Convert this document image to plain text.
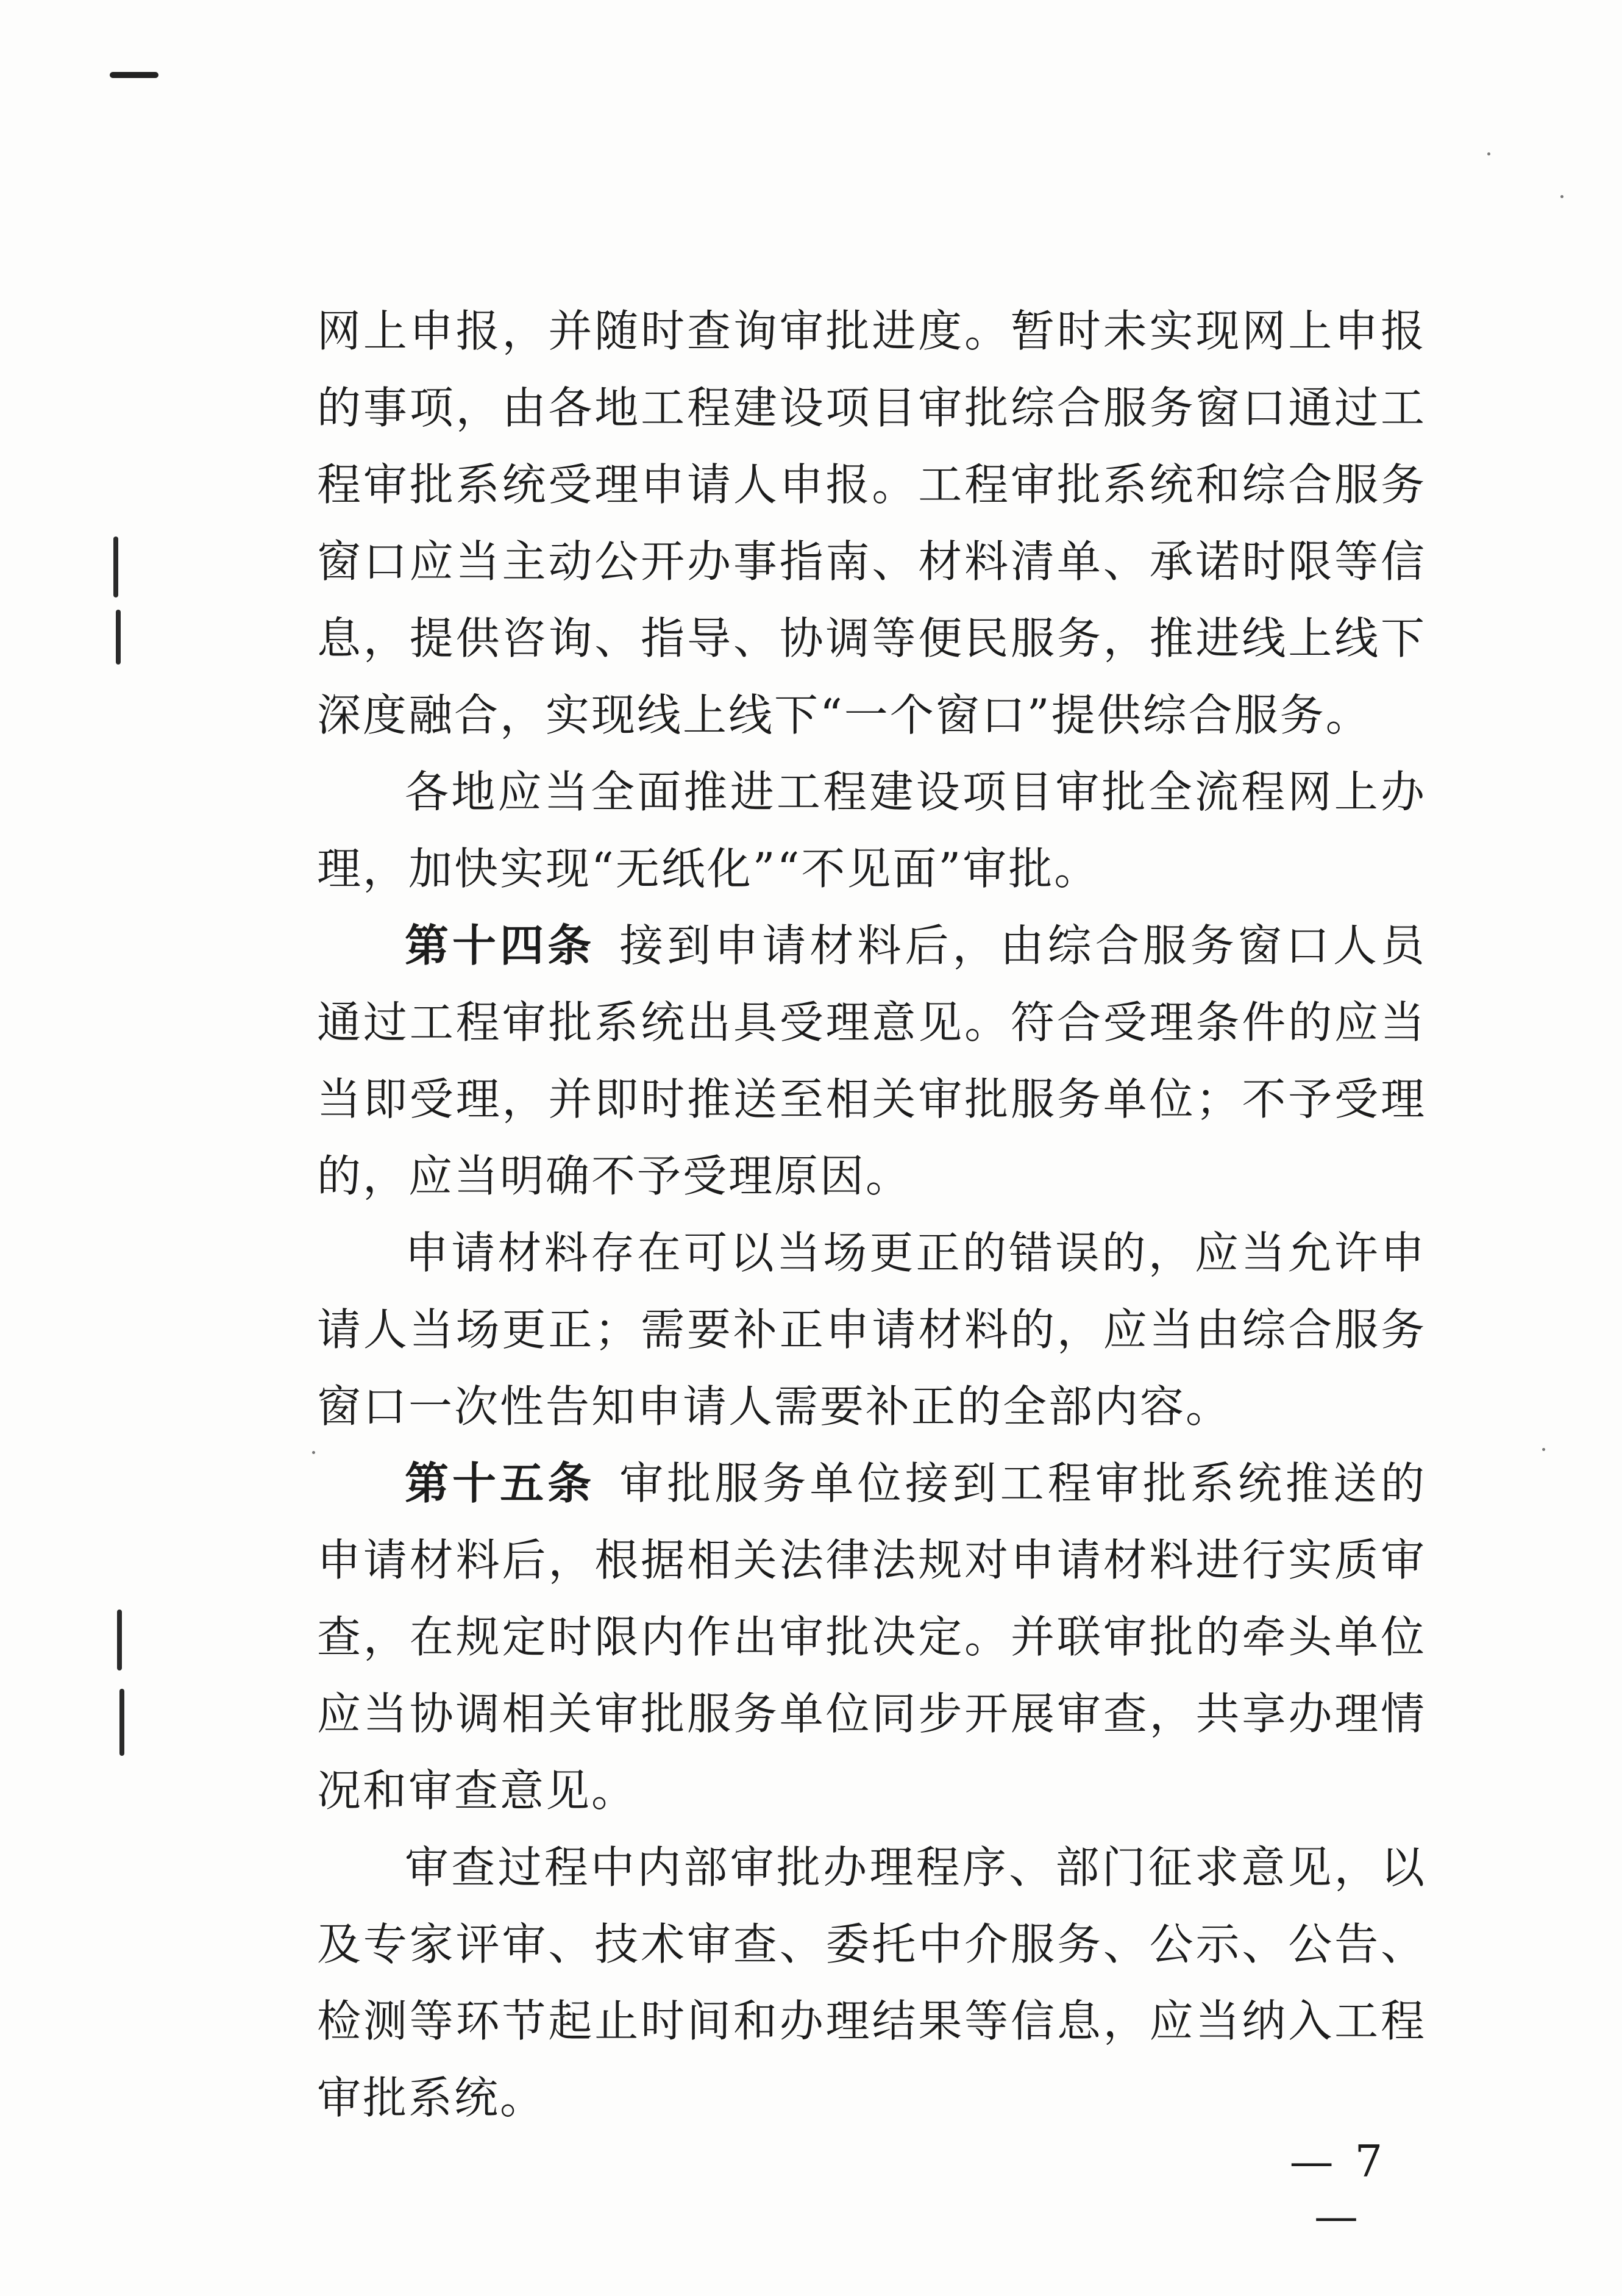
网上申报，并随时查询审批进度。暂时未实现网上申报的事项，由各地工程建设项目审批综合服务窗口通过工程审批系统受理申请人申报。工程审批系统和综合服务窗口应当主动公开办事指南、材料清单、承诺时限等信息，提供咨询、指导、协调等便民服务，推进线上线下深度融合，实现线上线下“一个窗口”提供综合服务。

各地应当全面推进工程建设项目审批全流程网上办理，加快实现“无纸化”“不见面”审批。

第十四条 接到申请材料后，由综合服务窗口人员通过工程审批系统出具受理意见。符合受理条件的应当当即受理，并即时推送至相关审批服务单位；不予受理的，应当明确不予受理原因。

申请材料存在可以当场更正的错误的，应当允许申请人当场更正；需要补正申请材料的，应当由综合服务窗口一次性告知申请人需要补正的全部内容。

第十五条 审批服务单位接到工程审批系统推送的申请材料后，根据相关法律法规对申请材料进行实质审查，在规定时限内作出审批决定。并联审批的牵头单位应当协调相关审批服务单位同步开展审查，共享办理情况和审查意见。

审查过程中内部审批办理程序、部门征求意见，以及专家评审、技术审查、委托中介服务、公示、公告、检测等环节起止时间和办理结果等信息，应当纳入工程审批系统。

— 7 —
